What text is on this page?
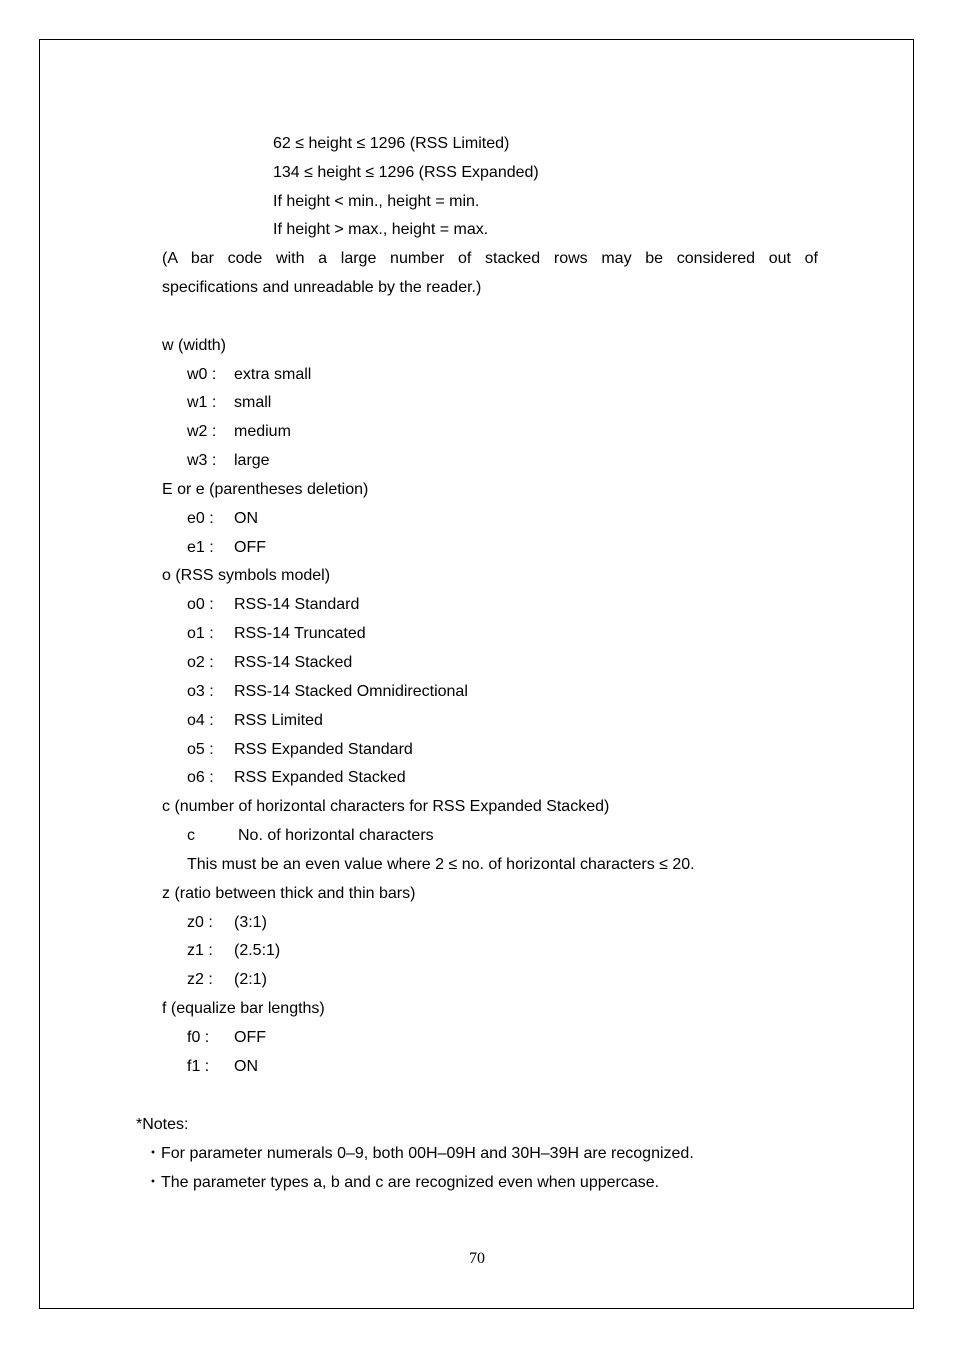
62 ≤ height ≤ 1296 (RSS Limited)
134 ≤ height ≤ 1296 (RSS Expanded)
If height < min., height = min.
If height > max., height = max.
(A bar code with a large number of stacked rows may be considered out of
specifications and unreadable by the reader.)
w (width)
w0 : extra small
w1 : small
w2 : medium
w3 : large
E or e (parentheses deletion)
e0 : ON
e1 : OFF
o (RSS symbols model)
o0 : RSS-14 Standard
o1 : RSS-14 Truncated
o2 : RSS-14 Stacked
o3 : RSS-14 Stacked Omnidirectional
o4 : RSS Limited
o5 : RSS Expanded Standard
o6 : RSS Expanded Stacked
c (number of horizontal characters for RSS Expanded Stacked)
c	No. of horizontal characters
This must be an even value where 2 ≤ no. of horizontal characters ≤ 20.
z (ratio between thick and thin bars)
z0 : (3:1)
z1 : (2.5:1)
z2 : (2:1)
f (equalize bar lengths)
f0 : OFF
f1 : ON
*Notes:
・For parameter numerals 0–9, both 00H–09H and 30H–39H are recognized.
・The parameter types a, b and c are recognized even when uppercase.
70
